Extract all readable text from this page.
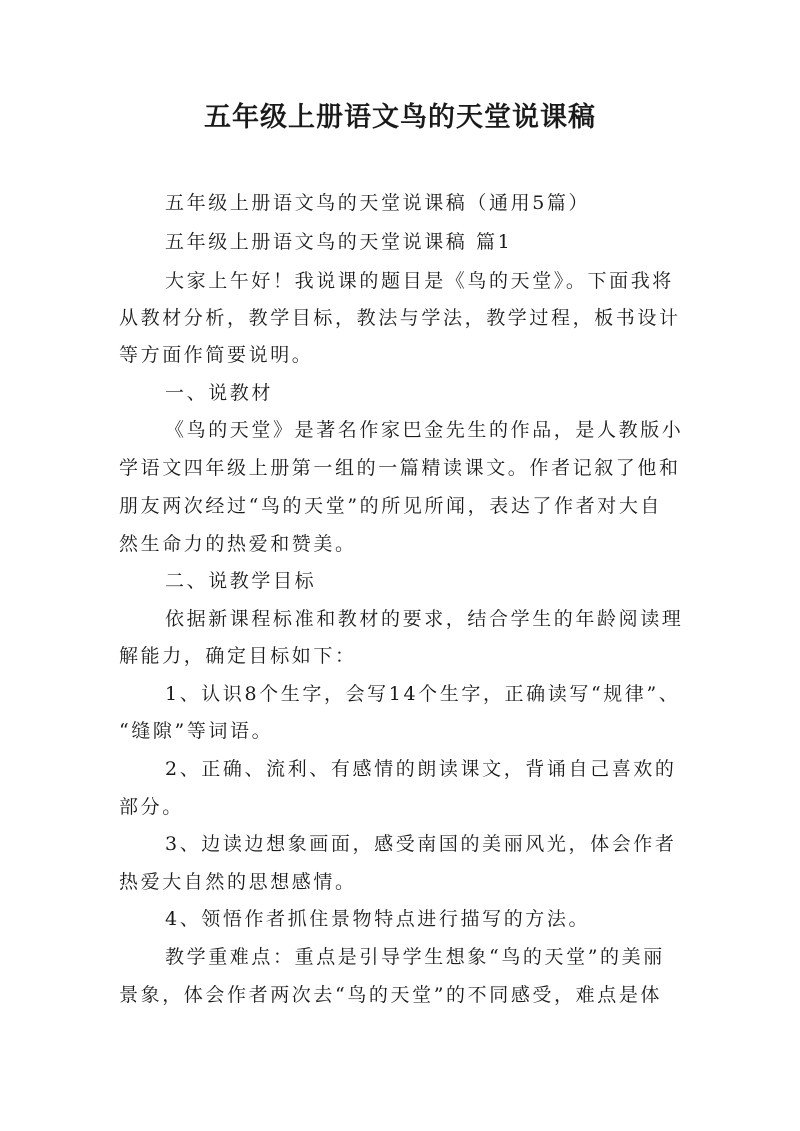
五年级上册语文鸟的天堂说课稿
五年级上册语文鸟的天堂说课稿（通用5篇）
五年级上册语文鸟的天堂说课稿 篇1
大家上午好！我说课的题目是《鸟的天堂》。下面我将
从教材分析，教学目标，教法与学法，教学过程，板书设计
等方面作简要说明。
一、说教材
《鸟的天堂》是著名作家巴金先生的作品，是人教版小
学语文四年级上册第一组的一篇精读课文。作者记叙了他和
朋友两次经过“鸟的天堂”的所见所闻，表达了作者对大自
然生命力的热爱和赞美。
二、说教学目标
依据新课程标准和教材的要求，结合学生的年龄阅读理
解能力，确定目标如下：
1、认识8个生字，会写14个生字，正确读写“规律”、
“缝隙”等词语。
2、正确、流利、有感情的朗读课文，背诵自己喜欢的
部分。
3、边读边想象画面，感受南国的美丽风光，体会作者
热爱大自然的思想感情。
4、领悟作者抓住景物特点进行描写的方法。
教学重难点：重点是引导学生想象“鸟的天堂”的美丽
景象，体会作者两次去“鸟的天堂”的不同感受，难点是体
